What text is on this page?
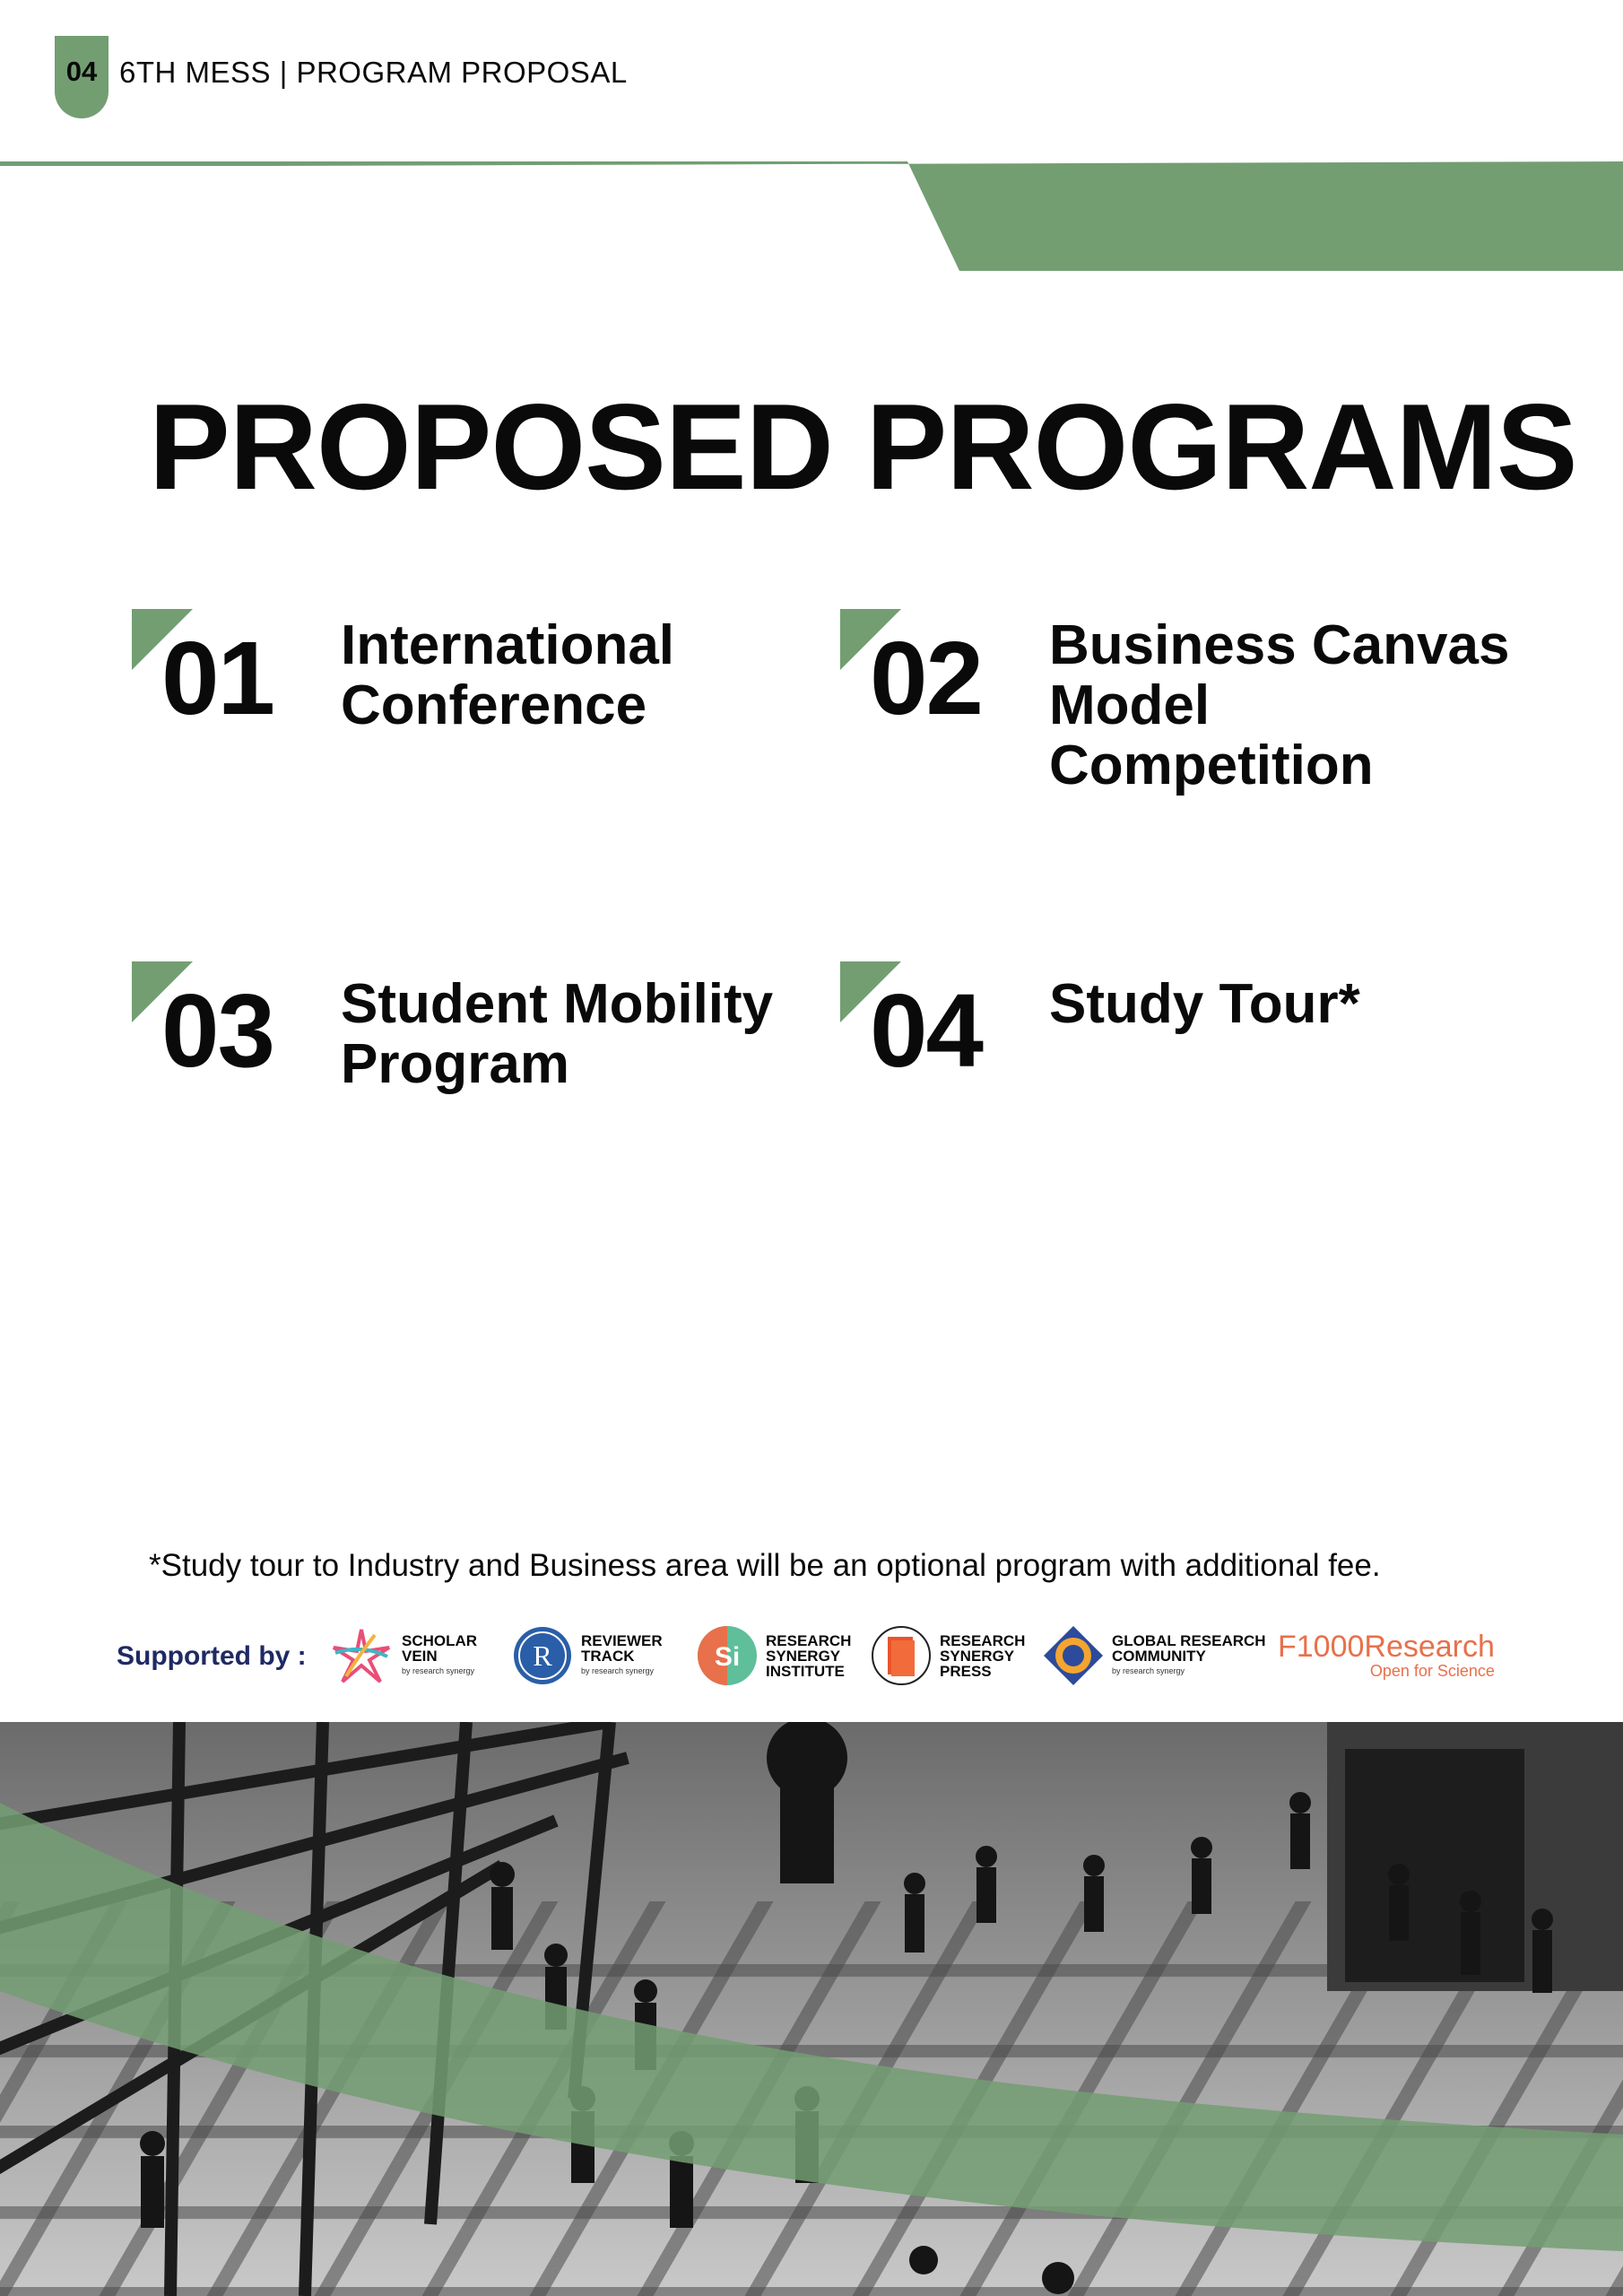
04 6TH MESS | PROGRAM PROPOSAL
PROPOSED PROGRAMS
01 International Conference	02 Business Canvas Model Competition
03 Student Mobility Program	04 Study Tour*
*Study tour to Industry and Business area will be an optional program with additional fee.
Supported by :
SCHOLAR
VEIN
by research synergy R REVIEWER
TRACK
by research synergy	Si
RESEARCH
SYNERGY
INSTITUTE
RESEARCH
SYNERGY
PRESS
GLOBAL RESEARCH
COMMUNITY
by research synergy
F1000Research
Open for Science
